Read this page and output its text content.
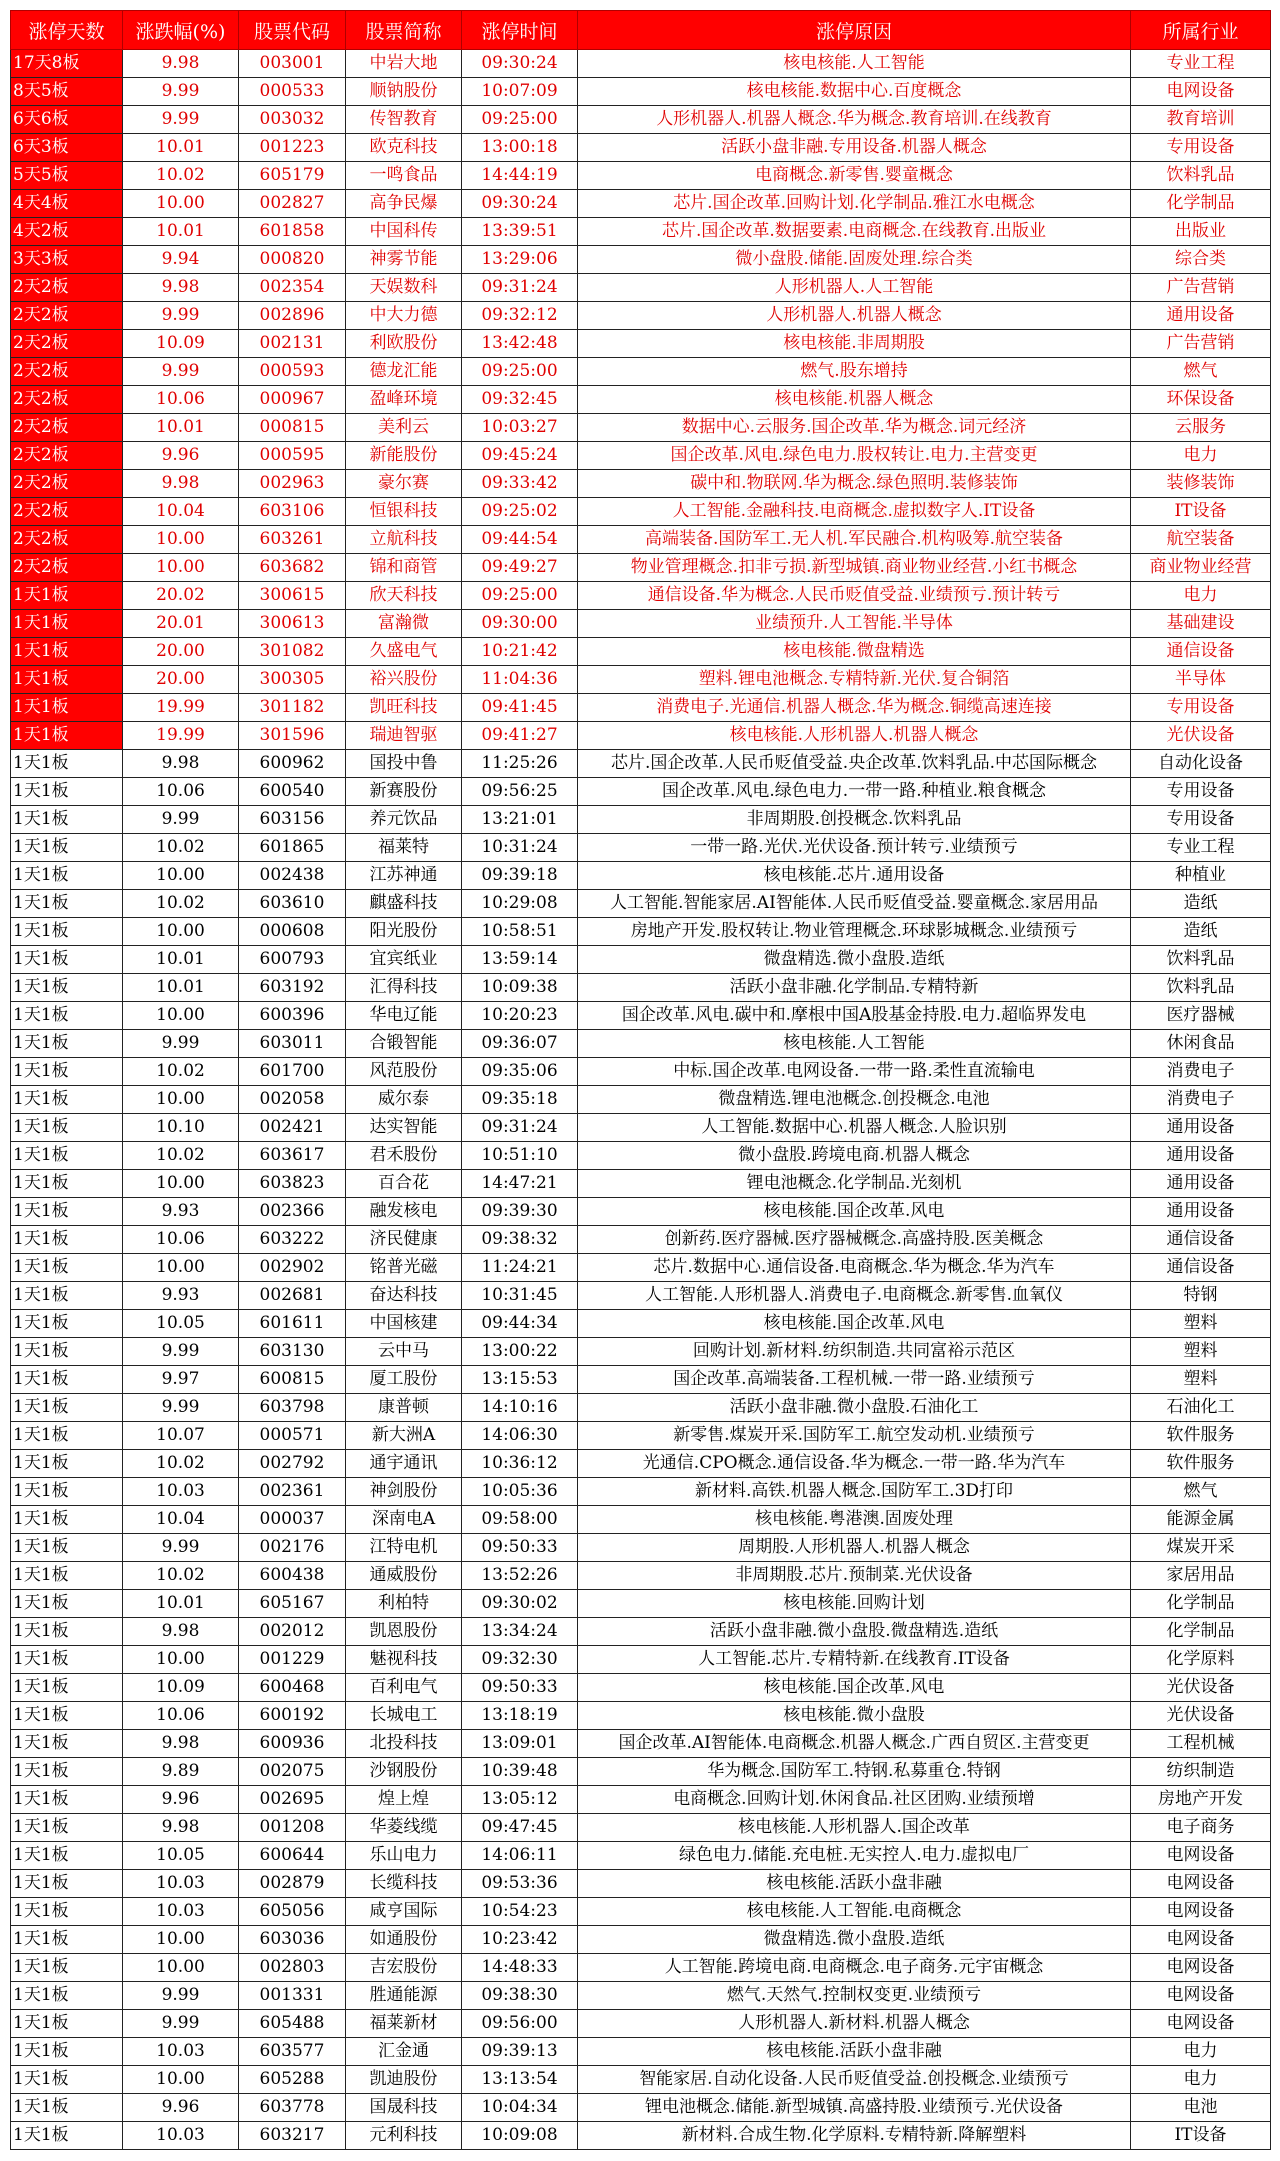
涨停天数	涨跌幅(%)	股票代码	股票简称	涨停时间	涨停原因	所属行业
17天8板	9.98	003001	中岩大地	09:30:24	核电核能.人工智能	专业工程
8天5板	9.99	000533	顺钠股份	10:07:09	核电核能.数据中心.百度概念	电网设备
6天6板	9.99	003032	传智教育	09:25:00	人形机器人.机器人概念.华为概念.教育培训.在线教育	教育培训
6天3板	10.01	001223	欧克科技	13:00:18	活跃小盘非融.专用设备.机器人概念	专用设备
5天5板	10.02	605179	一鸣食品	14:44:19	电商概念.新零售.婴童概念	饮料乳品
4天4板	10.00	002827	高争民爆	09:30:24	芯片.国企改革.回购计划.化学制品.雅江水电概念	化学制品
4天2板	10.01	601858	中国科传	13:39:51	芯片.国企改革.数据要素.电商概念.在线教育.出版业	出版业
3天3板	9.94	000820	神雾节能	13:29:06	微小盘股.储能.固废处理.综合类	综合类
2天2板	9.98	002354	天娱数科	09:31:24	人形机器人.人工智能	广告营销
2天2板	9.99	002896	中大力德	09:32:12	人形机器人.机器人概念	通用设备
2天2板	10.09	002131	利欧股份	13:42:48	核电核能.非周期股	广告营销
2天2板	9.99	000593	德龙汇能	09:25:00	燃气.股东增持	燃气
2天2板	10.06	000967	盈峰环境	09:32:45	核电核能.机器人概念	环保设备
2天2板	10.01	000815	美利云	10:03:27	数据中心.云服务.国企改革.华为概念.词元经济	云服务
2天2板	9.96	000595	新能股份	09:45:24	国企改革.风电.绿色电力.股权转让.电力.主营变更	电力
2天2板	9.98	002963	豪尔赛	09:33:42	碳中和.物联网.华为概念.绿色照明.装修装饰	装修装饰
2天2板	10.04	603106	恒银科技	09:25:02	人工智能.金融科技.电商概念.虚拟数字人.IT设备	IT设备
2天2板	10.00	603261	立航科技	09:44:54	高端装备.国防军工.无人机.军民融合.机构吸筹.航空装备	航空装备
2天2板	10.00	603682	锦和商管	09:49:27	物业管理概念.扣非亏损.新型城镇.商业物业经营.小红书概念	商业物业经营
1天1板	20.02	300615	欣天科技	09:25:00	通信设备.华为概念.人民币贬值受益.业绩预亏.预计转亏	电力
1天1板	20.01	300613	富瀚微	09:30:00	业绩预升.人工智能.半导体	基础建设
1天1板	20.00	301082	久盛电气	10:21:42	核电核能.微盘精选	通信设备
1天1板	20.00	300305	裕兴股份	11:04:36	塑料.锂电池概念.专精特新.光伏.复合铜箔	半导体
1天1板	19.99	301182	凯旺科技	09:41:45	消费电子.光通信.机器人概念.华为概念.铜缆高速连接	专用设备
1天1板	19.99	301596	瑞迪智驱	09:41:27	核电核能.人形机器人.机器人概念	光伏设备
1天1板	9.98	600962	国投中鲁	11:25:26	芯片.国企改革.人民币贬值受益.央企改革.饮料乳品.中芯国际概念	自动化设备
1天1板	10.06	600540	新赛股份	09:56:25	国企改革.风电.绿色电力.一带一路.种植业.粮食概念	专用设备
1天1板	9.99	603156	养元饮品	13:21:01	非周期股.创投概念.饮料乳品	专用设备
1天1板	10.02	601865	福莱特	10:31:24	一带一路.光伏.光伏设备.预计转亏.业绩预亏	专业工程
1天1板	10.00	002438	江苏神通	09:39:18	核电核能.芯片.通用设备	种植业
1天1板	10.02	603610	麒盛科技	10:29:08	人工智能.智能家居.AI智能体.人民币贬值受益.婴童概念.家居用品	造纸
1天1板	10.00	000608	阳光股份	10:58:51	房地产开发.股权转让.物业管理概念.环球影城概念.业绩预亏	造纸
1天1板	10.01	600793	宜宾纸业	13:59:14	微盘精选.微小盘股.造纸	饮料乳品
1天1板	10.01	603192	汇得科技	10:09:38	活跃小盘非融.化学制品.专精特新	饮料乳品
1天1板	10.00	600396	华电辽能	10:20:23	国企改革.风电.碳中和.摩根中国A股基金持股.电力.超临界发电	医疗器械
1天1板	9.99	603011	合锻智能	09:36:07	核电核能.人工智能	休闲食品
1天1板	10.02	601700	风范股份	09:35:06	中标.国企改革.电网设备.一带一路.柔性直流输电	消费电子
1天1板	10.00	002058	威尔泰	09:35:18	微盘精选.锂电池概念.创投概念.电池	消费电子
1天1板	10.10	002421	达实智能	09:31:24	人工智能.数据中心.机器人概念.人脸识别	通用设备
1天1板	10.02	603617	君禾股份	10:51:10	微小盘股.跨境电商.机器人概念	通用设备
1天1板	10.00	603823	百合花	14:47:21	锂电池概念.化学制品.光刻机	通用设备
1天1板	9.93	002366	融发核电	09:39:30	核电核能.国企改革.风电	通用设备
1天1板	10.06	603222	济民健康	09:38:32	创新药.医疗器械.医疗器械概念.高盛持股.医美概念	通信设备
1天1板	10.00	002902	铭普光磁	11:24:21	芯片.数据中心.通信设备.电商概念.华为概念.华为汽车	通信设备
1天1板	9.93	002681	奋达科技	10:31:45	人工智能.人形机器人.消费电子.电商概念.新零售.血氧仪	特钢
1天1板	10.05	601611	中国核建	09:44:34	核电核能.国企改革.风电	塑料
1天1板	9.99	603130	云中马	13:00:22	回购计划.新材料.纺织制造.共同富裕示范区	塑料
1天1板	9.97	600815	厦工股份	13:15:53	国企改革.高端装备.工程机械.一带一路.业绩预亏	塑料
1天1板	9.99	603798	康普顿	14:10:16	活跃小盘非融.微小盘股.石油化工	石油化工
1天1板	10.07	000571	新大洲A	14:06:30	新零售.煤炭开采.国防军工.航空发动机.业绩预亏	软件服务
1天1板	10.02	002792	通宇通讯	10:36:12	光通信.CPO概念.通信设备.华为概念.一带一路.华为汽车	软件服务
1天1板	10.03	002361	神剑股份	10:05:36	新材料.高铁.机器人概念.国防军工.3D打印	燃气
1天1板	10.04	000037	深南电A	09:58:00	核电核能.粤港澳.固废处理	能源金属
1天1板	9.99	002176	江特电机	09:50:33	周期股.人形机器人.机器人概念	煤炭开采
1天1板	10.02	600438	通威股份	13:52:26	非周期股.芯片.预制菜.光伏设备	家居用品
1天1板	10.01	605167	利柏特	09:30:02	核电核能.回购计划	化学制品
1天1板	9.98	002012	凯恩股份	13:34:24	活跃小盘非融.微小盘股.微盘精选.造纸	化学制品
1天1板	10.00	001229	魅视科技	09:32:30	人工智能.芯片.专精特新.在线教育.IT设备	化学原料
1天1板	10.09	600468	百利电气	09:50:33	核电核能.国企改革.风电	光伏设备
1天1板	10.06	600192	长城电工	13:18:19	核电核能.微小盘股	光伏设备
1天1板	9.98	600936	北投科技	13:09:01	国企改革.AI智能体.电商概念.机器人概念.广西自贸区.主营变更	工程机械
1天1板	9.89	002075	沙钢股份	10:39:48	华为概念.国防军工.特钢.私募重仓.特钢	纺织制造
1天1板	9.96	002695	煌上煌	13:05:12	电商概念.回购计划.休闲食品.社区团购.业绩预增	房地产开发
1天1板	9.98	001208	华菱线缆	09:47:45	核电核能.人形机器人.国企改革	电子商务
1天1板	10.05	600644	乐山电力	14:06:11	绿色电力.储能.充电桩.无实控人.电力.虚拟电厂	电网设备
1天1板	10.03	002879	长缆科技	09:53:36	核电核能.活跃小盘非融	电网设备
1天1板	10.03	605056	咸亨国际	10:54:23	核电核能.人工智能.电商概念	电网设备
1天1板	10.00	603036	如通股份	10:23:42	微盘精选.微小盘股.造纸	电网设备
1天1板	10.00	002803	吉宏股份	14:48:33	人工智能.跨境电商.电商概念.电子商务.元宇宙概念	电网设备
1天1板	9.99	001331	胜通能源	09:38:30	燃气.天然气.控制权变更.业绩预亏	电网设备
1天1板	9.99	605488	福莱新材	09:56:00	人形机器人.新材料.机器人概念	电网设备
1天1板	10.03	603577	汇金通	09:39:13	核电核能.活跃小盘非融	电力
1天1板	10.00	605288	凯迪股份	13:13:54	智能家居.自动化设备.人民币贬值受益.创投概念.业绩预亏	电力
1天1板	9.96	603778	国晟科技	10:04:34	锂电池概念.储能.新型城镇.高盛持股.业绩预亏.光伏设备	电池
1天1板	10.03	603217	元利科技	10:09:08	新材料.合成生物.化学原料.专精特新.降解塑料	IT设备
